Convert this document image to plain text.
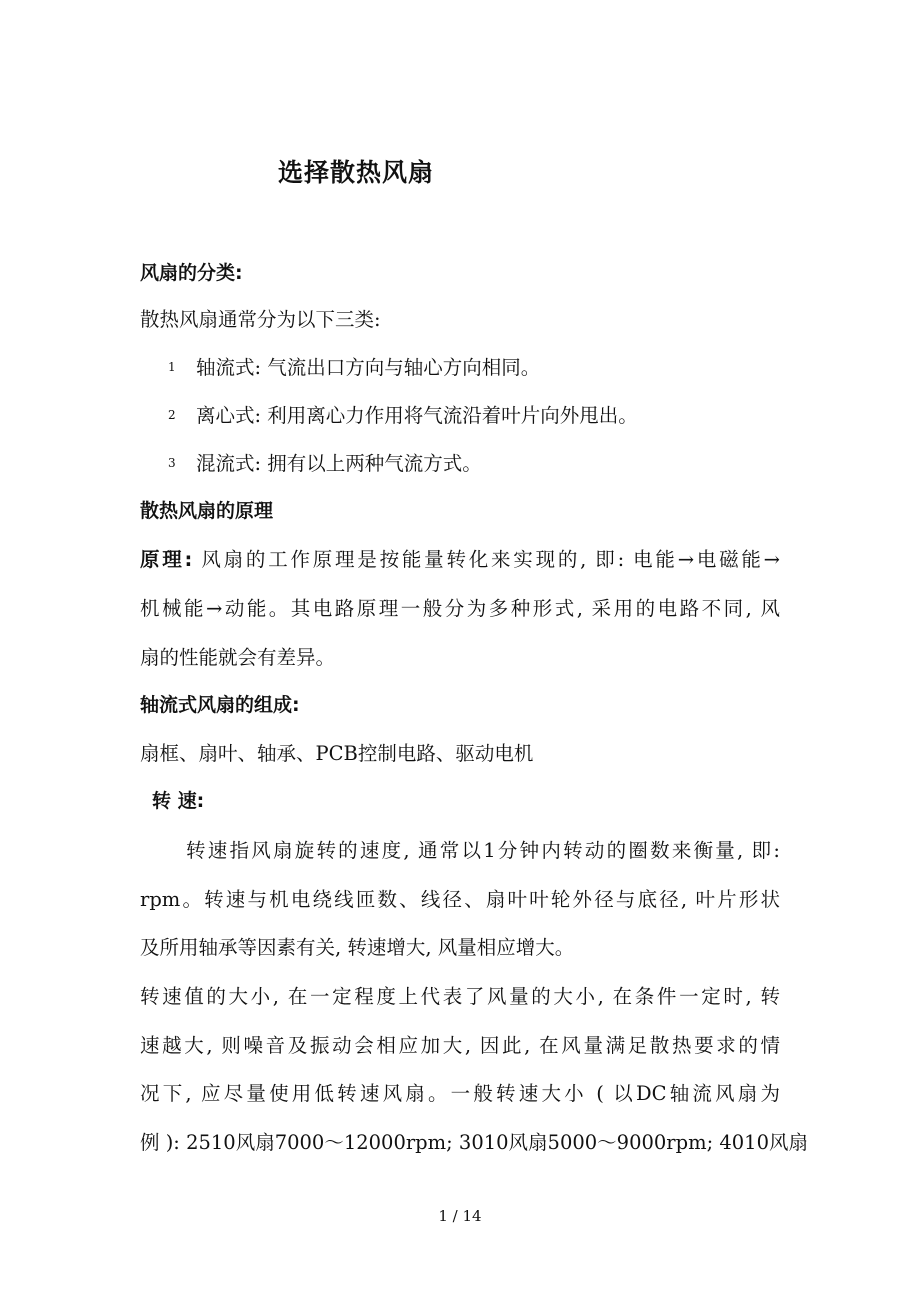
选择散热风扇
风扇的分类:
散热风扇通常分为以下三类:
1 轴流式: 气流出口方向与轴心方向相同。
2 离心式: 利用离心力作用将气流沿着叶片向外甩出。
3 混流式: 拥有以上两种气流方式。
散热风扇的原理
原理: 风扇的工作原理是按能量转化来实现的, 即: 电能→电磁能→
机械能→动能。其电路原理一般分为多种形式, 采用的电路不同, 风
扇的性能就会有差异。
轴流式风扇的组成:
扇框、扇叶、轴承、PCB控制电路、驱动电机
转 速:
转速指风扇旋转的速度, 通常以1分钟内转动的圈数来衡量, 即:
rpm。转速与机电绕线匝数、线径、扇叶叶轮外径与底径, 叶片形状
及所用轴承等因素有关, 转速增大, 风量相应增大。
转速值的大小, 在一定程度上代表了风量的大小, 在条件一定时, 转
速越大, 则噪音及振动会相应加大, 因此, 在风量满足散热要求的情
况下, 应尽量使用低转速风扇。一般转速大小 ( 以DC轴流风扇为
例 ): 2510风扇7000～12000rpm; 3010风扇5000～9000rpm; 4010风扇
1 / 14
